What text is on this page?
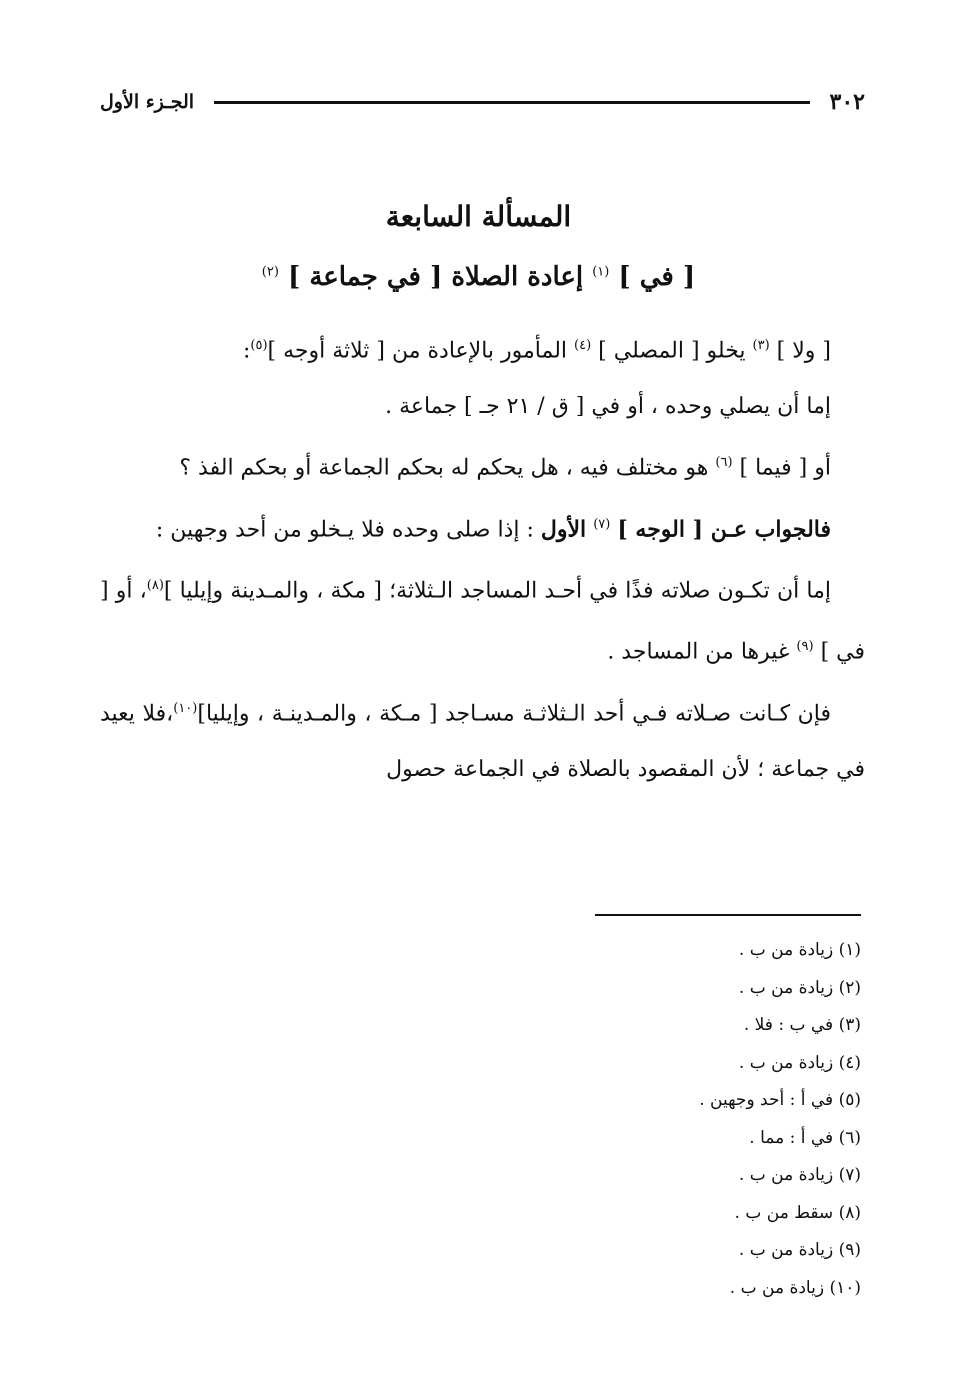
٣٠٢
الجـزء الأول
المسألة السابعة
[ في ] $^{(١)}$ إعادة الصلاة [ في جماعة ] $^{(٢)}$

[ ولا ] $^{(٣)}$ يخلو [ المصلي ] $^{(٤)}$ المأمور بالإعادة من [ ثلاثة أوجه ]$^{(٥)}$:

إما أن يصلي وحده ، أو في [ ق / ٢١ جـ ] جماعة .

أو [ فيما ] $^{(٦)}$ هو مختلف فيه ، هل يحكم له بحكم الجماعة أو بحكم الفذ ؟

فالجواب عـن [ الوجه ] $^{(٧)}$ الأول : إذا صلى وحده فلا يـخلو من أحد وجهين :

إما أن تكـون صلاته فذًا في أحـد المساجد الـثلاثة؛ [ مكة ، والمـدينة وإيليا ]$^{(٨)}$، أو [ في ] $^{(٩)}$ غيرها من المساجد .

فإن كـانت صـلاته فـي أحد الـثلاثـة مسـاجد [ مـكة ، والمـدينـة ، وإيليا]$^{(١٠)}$،فلا يعيد في جماعة ؛ لأن المقصود بالصلاة في الجماعة حصول

(١) زيادة من ب .
(٢) زيادة من ب .
(٣) في ب : فلا .
(٤) زيادة من ب .
(٥) في أ : أحد وجهين .
(٦) في أ : مما .
(٧) زيادة من ب .
(٨) سقط من ب .
(٩) زيادة من ب .
(١٠) زيادة من ب .
